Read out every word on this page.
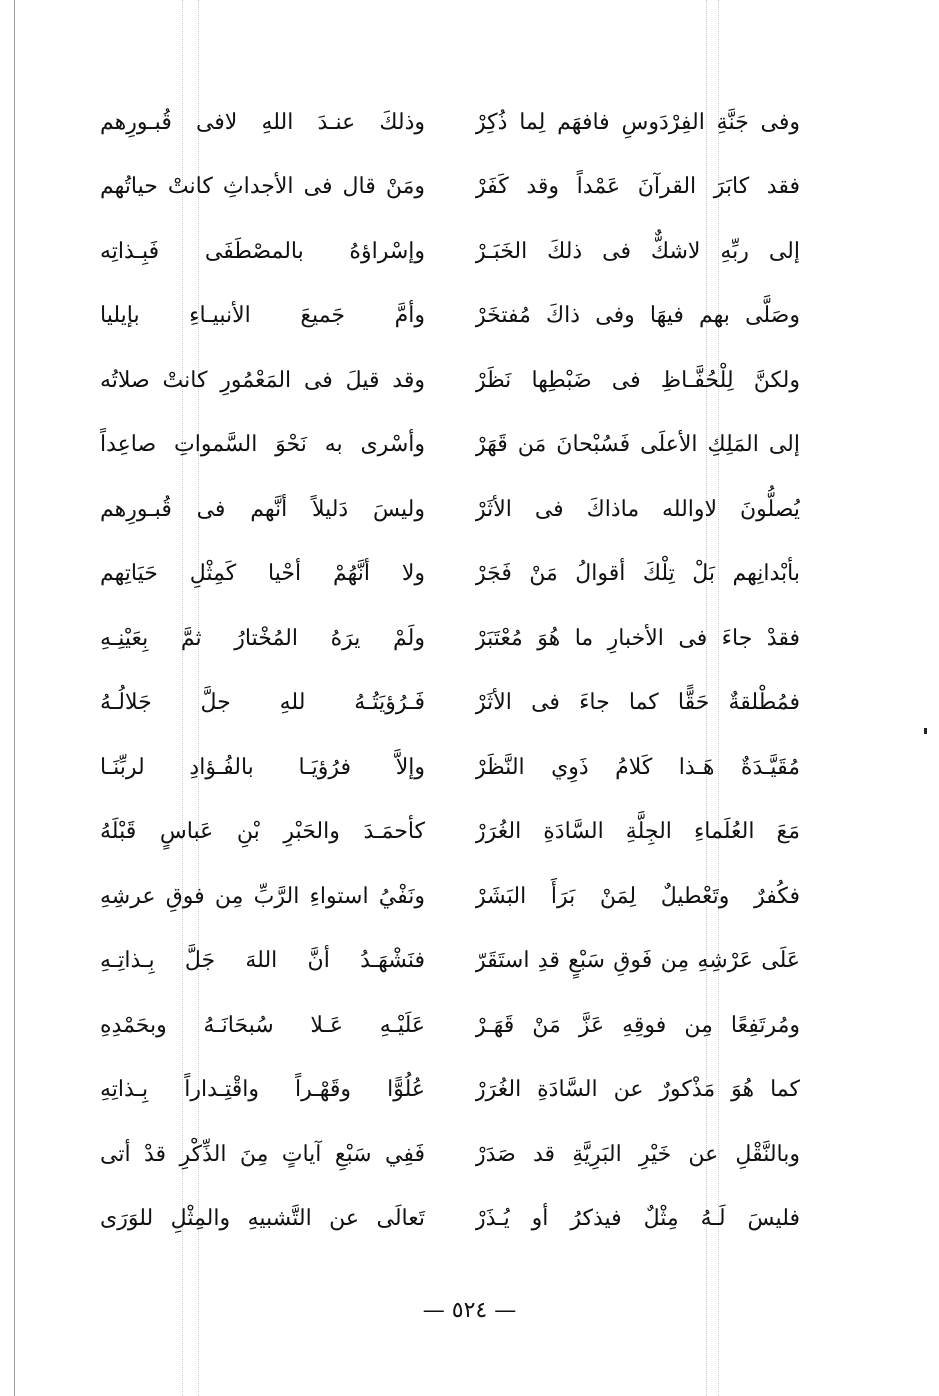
وذلكَ عنـدَ اللهِ لافى قُبـورِهم وفى جَنَّةِ الفِرْدَوسِ فافهَم لِما ذُكِرْ
ومَنْ قال فى الأجداثِ كانتْ حياتُهم فقد كابَرَ القرآنَ عَمْداً وقد كَفَرْ
وإسْراؤهُ بالمصْطَفَى فَبِـذاتِه إلى ربِّهِ لاشكٌّ فى ذلكَ الخَبَـرْ
وأمَّ جَميعَ الأنبيـاءِ بإيليا وصَلَّى بهم فيهَا وفى ذاكَ مُفتخَرْ
وقد قيلَ فى المَعْمُورِ كانتْ صلاتُه ولكنَّ لِلْحُفَّـاظِ فى ضَبْطِها نَظَرْ
وأسْرى به نَحْوَ السَّمواتِ صاعِداً إلى المَلِكِ الأعلَى فَسُبْحانَ مَن قَهَرْ
وليسَ دَليلاً أنَّهم فى قُبـورِهم يُصلُّونَ لاوالله ماذاكَ فى الأثَرْ
ولا أنَّهُمْ أحْيا كَمِثْلِ حَيَاتِهم بأبْدانِهم بَلْ تِلْكَ أقوالُ مَنْ فَجَرْ
ولَمْ يرَهُ المُخْتارُ ثمَّ بِعَيْنِـهِ فقدْ جاءَ فى الأخبارِ ما هُوَ مُعْتَبَرْ
فَـرُؤيَتُـهُ للهِ جلَّ جَلالُـهُ فمُطْلقةٌ حَقًّا كما جاءَ فى الأثَرْ
وإلاَّ فرُؤيَـا بالفُـؤادِ لربِّنَـا مُقَيَّـدَةٌ هَـذا كَلامُ ذَوِي النَّظَرْ
كأحمَـدَ والحَبْرِ بْنِ عَباسٍ قَبْلَهُ مَعَ العُلَماءِ الجِلَّةِ السَّادَةِ الغُرَرْ
ونَفْيُ استواءِ الرَّبِّ مِن فوقِ عرشِهِ فكُفرٌ وتَعْطيلٌ لِمَنْ بَرَأَ البَشَرْ
فنَشْهَـدُ أنَّ اللهَ جَلَّ بِـذاتِـهِ عَلَى عَرْشِهِ مِن فَوقِ سَبْعٍ قدِ استَقَرّ
عَلَيْـهِ عَـلا سُبحَانَـهُ وبحَمْدِهِ ومُرتَفِعًا مِن فوقِهِ عَزَّ مَنْ قَهَـرْ
عُلُوًّا وقَهْـراً واقْتِـداراً بِـذاتِهِ كما هُوَ مَذْكورٌ عن السَّادَةِ الغُرَرْ
فَفِي سَبْعِ آياتٍ مِنَ الذِّكْرِ قدْ أتى وبالنَّقْلِ عن خَيْرِ البَرِيَّةِ قد صَدَرْ
تَعالَى عن التَّشبيهِ والمِثْلِ للوَرَى فليسَ لَـهُ مِثْلٌ فيذكرُ أو يُـذَرْ
— ٥٢٤ —
